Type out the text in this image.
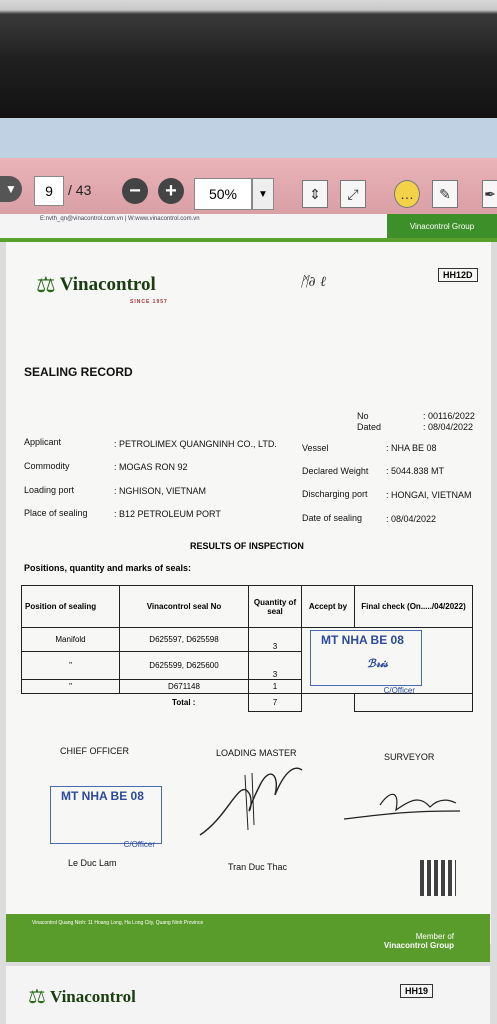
▼	9	/ 43	−	+	50%	▼	⇕	⤢	…	✎	✒
E:nvth_qn@vinacontrol.com.vn | W:www.vinacontrol.com.vn
Vinacontrol Group
⚖ Vinacontrol
SINCE 1957
HH12D
ᛗ∂ ℓ
SEALING RECORD
No	: 00116/2022
Dated	: 08/04/2022
Applicant	: PETROLIMEX QUANGNINH CO., LTD.
Commodity	: MOGAS RON 92
Loading port	: NGHISON, VIETNAM
Place of sealing	: B12 PETROLEUM PORT
Vessel	: NHA BE 08
Declared Weight : 5044.838 MT
Discharging port : HONGAI, VIETNAM
Date of sealing	: 08/04/2022
RESULTS OF INSPECTION
Positions, quantity and marks of seals:
Position of sealing	Vinacontrol seal No	Quantity of seal	Accept by	Final check (On...../04/2022)
Manifold	D625597, D625598	3		
"	D625599, D625600	3		
"	D671148	1		
	Total :	7		
MT NHA BE 08
ℬ𝓇𝒾𝓈
C/Officer
CHIEF OFFICER	LOADING MASTER	SURVEYOR
MT NHA BE 08
C/Officer
Le Duc Lam	Tran Duc Thac
Vinacontrol Quang Ninh: 11 Hoang Long, Ha Long City, Quang Ninh Province
Member of
Vinacontrol Group
⚖ Vinacontrol	HH19
